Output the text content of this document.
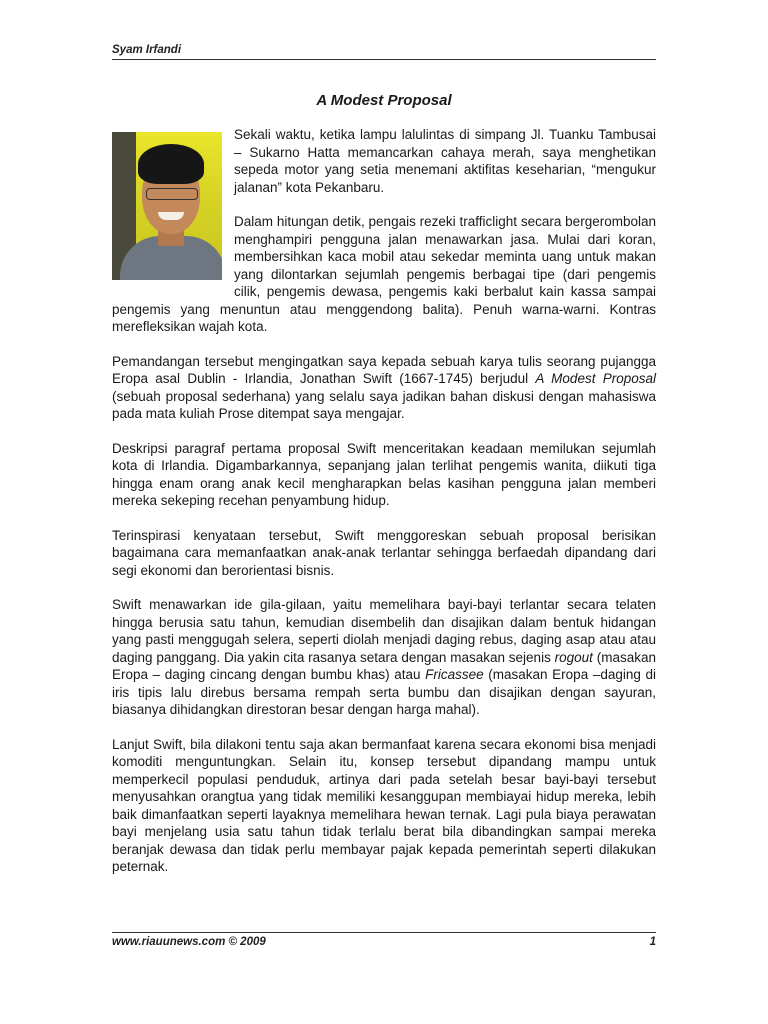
Syam Irfandi
A Modest Proposal

Sekali waktu, ketika lampu lalulintas di simpang Jl. Tuanku Tambusai – Sukarno Hatta memancarkan cahaya merah, saya menghetikan sepeda motor yang setia menemani aktifitas keseharian, “mengukur jalanan” kota Pekanbaru.

Dalam hitungan detik, pengais rezeki trafficlight secara bergerombolan menghampiri pengguna jalan menawarkan jasa. Mulai dari koran, membersihkan kaca mobil atau sekedar meminta uang untuk makan yang dilontarkan sejumlah pengemis berbagai tipe (dari pengemis cilik, pengemis dewasa, pengemis kaki berbalut kain kassa sampai pengemis yang menuntun atau menggendong balita). Penuh warna-warni. Kontras merefleksikan wajah kota.

Pemandangan tersebut mengingatkan saya kepada sebuah karya tulis seorang pujangga Eropa asal Dublin - Irlandia, Jonathan Swift (1667-1745) berjudul A Modest Proposal (sebuah proposal sederhana) yang selalu saya jadikan bahan diskusi dengan mahasiswa pada mata kuliah Prose ditempat saya mengajar.

Deskripsi paragraf pertama proposal Swift menceritakan keadaan memilukan sejumlah kota di Irlandia. Digambarkannya, sepanjang jalan terlihat pengemis wanita, diikuti tiga hingga enam orang anak kecil mengharapkan belas kasihan pengguna jalan memberi mereka sekeping recehan penyambung hidup.

Terinspirasi kenyataan tersebut, Swift menggoreskan sebuah proposal berisikan bagaimana cara memanfaatkan anak-anak terlantar sehingga berfaedah dipandang dari segi ekonomi dan berorientasi bisnis.

Swift menawarkan ide gila-gilaan, yaitu memelihara bayi-bayi terlantar secara telaten hingga berusia satu tahun, kemudian disembelih dan disajikan dalam bentuk hidangan yang pasti menggugah selera, seperti diolah menjadi daging rebus, daging asap atau atau daging panggang. Dia yakin cita rasanya setara dengan masakan sejenis rogout (masakan Eropa – daging cincang dengan bumbu khas) atau Fricassee (masakan Eropa –daging di iris tipis lalu direbus bersama rempah serta bumbu dan disajikan dengan sayuran, biasanya dihidangkan direstoran besar dengan harga mahal).

Lanjut Swift, bila dilakoni tentu saja akan bermanfaat karena secara ekonomi bisa menjadi komoditi menguntungkan. Selain itu, konsep tersebut dipandang mampu untuk memperkecil populasi penduduk, artinya dari pada setelah besar bayi-bayi tersebut menyusahkan orangtua yang tidak memiliki kesanggupan membiayai hidup mereka, lebih baik dimanfaatkan seperti layaknya memelihara hewan ternak. Lagi pula biaya perawatan bayi menjelang usia satu tahun tidak terlalu berat bila dibandingkan sampai mereka beranjak dewasa dan tidak perlu membayar pajak kepada pemerintah seperti dilakukan peternak.

www.riauunews.com © 2009	1
